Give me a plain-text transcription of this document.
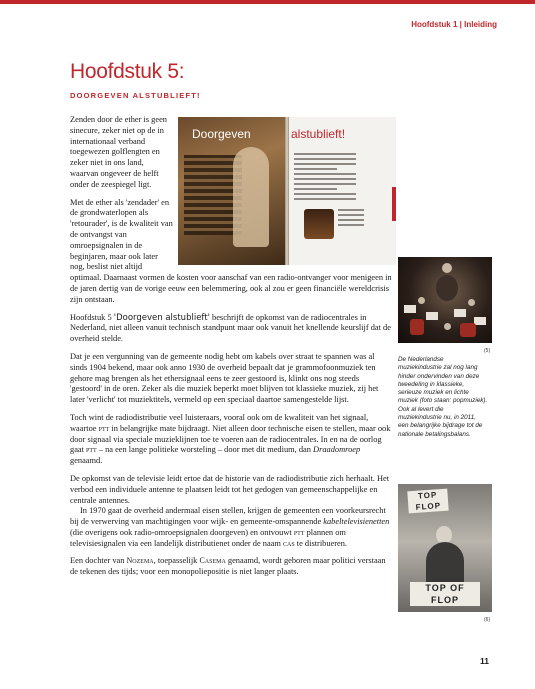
Hoofdstuk 1 | Inleiding
Hoofdstuk 5:
DOORGEVEN ALSTUBLIEFT!
Doorgeven	alstublieft!

Zenden door de ether is geen sinecure, zeker niet op de in internationaal verband toegewezen golflengten en zeker niet in ons land, waarvan ongeveer de helft onder de zeespiegel ligt.

Met de ether als 'zendader' en de grondwaterlopen als 'retourader', is de kwaliteit van de ontvangst van omroepsignalen in de beginjaren, maar ook later nog, beslist niet altijd optimaal. Daarnaast vormen de kosten voor aanschaf van een radio-ontvanger voor menigeen in de jaren dertig van de vorige eeuw een belemmering, ook al zou er geen financiële wereldcrisis zijn ontstaan.

Hoofdstuk 5 'Doorgeven alstublieft' beschrijft de opkomst van de radiocentrales in Nederland, niet alleen vanuit technisch standpunt maar ook vanuit het knellende keurslijf dat de overheid stelde.

Dat je een vergunning van de gemeente nodig hebt om kabels over straat te spannen was al sinds 1904 bekend, maar ook anno 1930 de overheid bepaalt dat je grammofoonmuziek ten gehore mag brengen als het ethersignaal eens te zeer gestoord is, klinkt ons nog steeds 'gestoord' in de oren. Zeker als die muziek beperkt moet blijven tot klassieke muziek, zij het later 'verlicht' tot muziektitels, vermeld op een speciaal daartoe samengestelde lijst.

Toch wint de radiodistributie veel luisteraars, vooral ook om de kwaliteit van het signaal, waartoe ptt in belangrijke mate bijdraagt. Niet alleen door technische eisen te stellen, maar ook door signaal via speciale muzieklijnen toe te voeren aan de radiocentrales. In en na de oorlog gaat ptt – na een lange politieke worsteling – door met dit medium, dan Draadomroep genaamd.

De opkomst van de televisie leidt ertoe dat de historie van de radiodistributie zich herhaalt. Het verbod een individuele antenne te plaatsen leidt tot het gedogen van gemeenschappelijke en centrale antennes.

In 1970 gaat de overheid andermaal eisen stellen, krijgen de gemeenten een voorkeursrecht bij de verwerving van machtigingen voor wijk- en gemeente-omspannende kabeltelevisienetten (die overigens ook radio-omroepsignalen doorgeven) en ontvouwt ptt plannen om televisiesignalen via een landelijk distributienet onder de naam cas te distribueren.

Een dochter van Nozema, toepasselijk Casema genaamd, wordt geboren maar politici verstaan de tekenen des tijds; voor een monopoliepositie is niet langer plaats.

(5)

De Nederlandse muziekindustrie zal nog lang hinder ondervinden van deze tweedeling in klassieke, serieuze muziek en lichte muziek (foto staan: popmuziek). Ook al levert die muziekindustrie nu, in 2011, een belangrijke bijdrage tot de nationale betalingsbalans.

TOP FLOP
TOP OF FLOP
(6)
11
